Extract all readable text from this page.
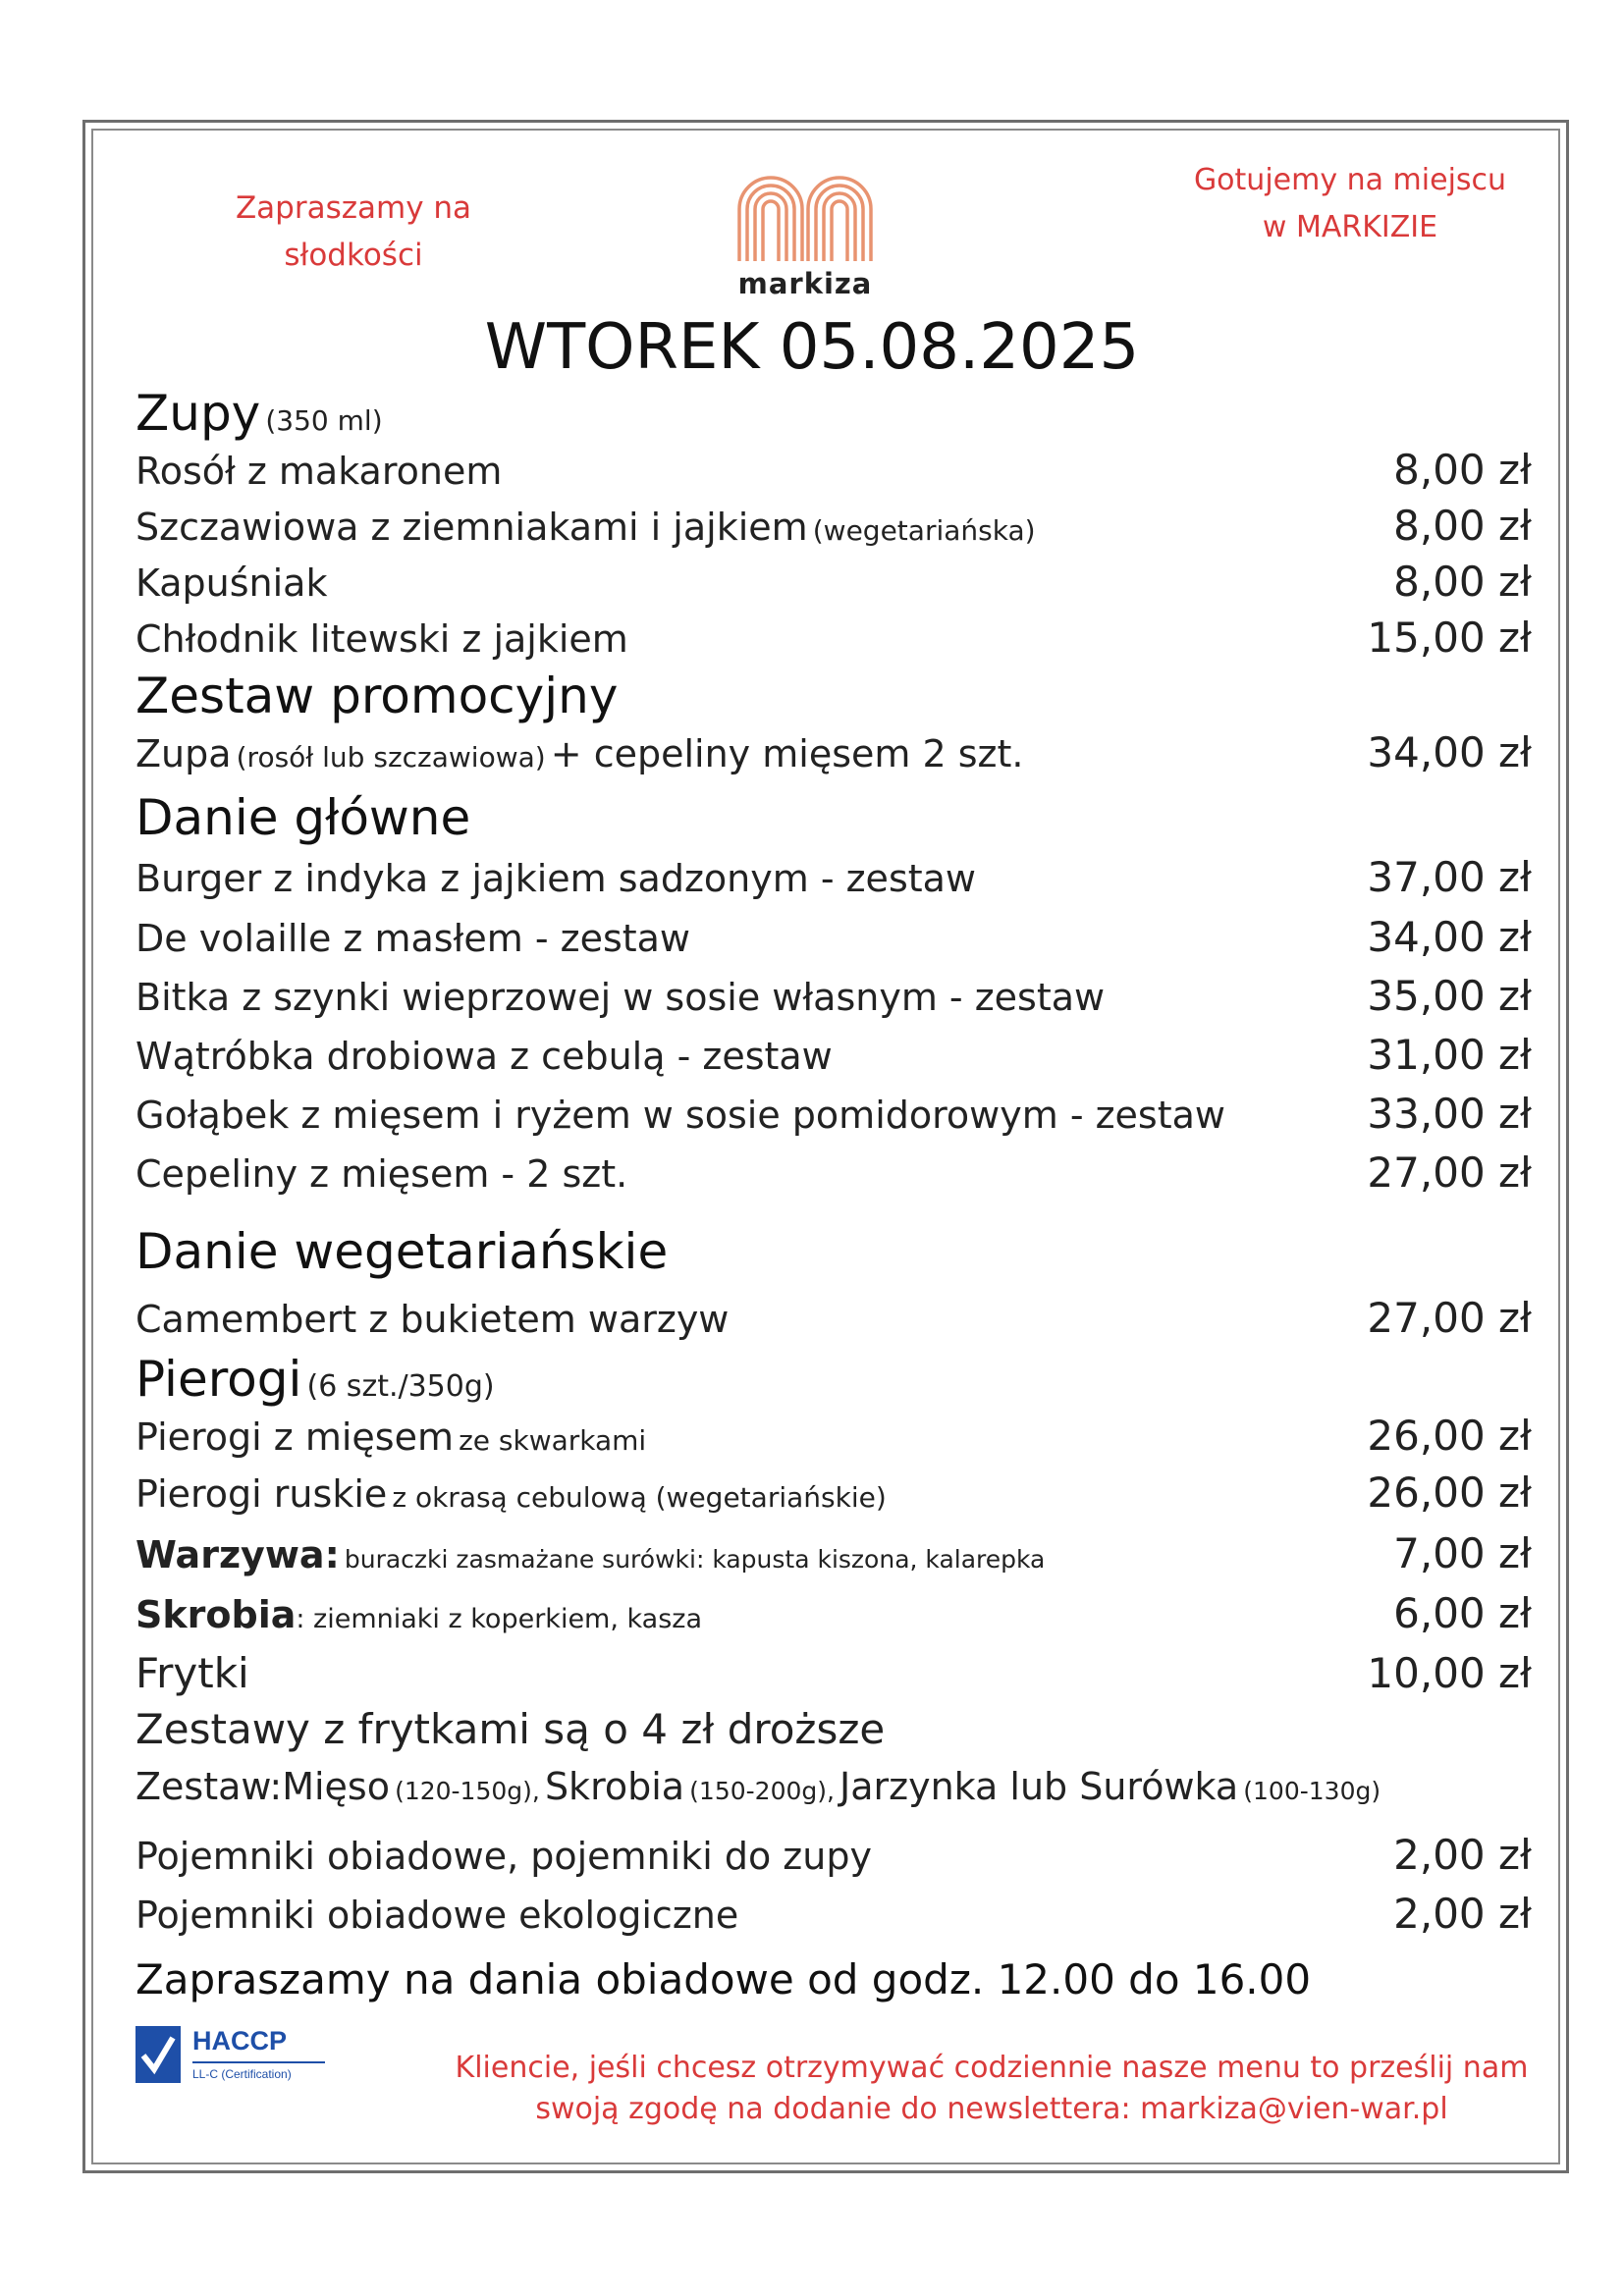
Zapraszamy na
słodkości
Gotujemy na miejscu
w MARKIZIE
markiza
WTOREK 05.08.2025
Zupy (350 ml)
Rosół z makaronem	8,00 zł
Szczawiowa z ziemniakami i jajkiem (wegetariańska)	8,00 zł
Kapuśniak	8,00 zł
Chłodnik litewski z jajkiem	15,00 zł
Zestaw promocyjny
Zupa (rosół lub szczawiowa) + cepeliny mięsem 2 szt.	34,00 zł
Danie główne
Burger z indyka z jajkiem sadzonym - zestaw	37,00 zł
De volaille z masłem - zestaw	34,00 zł
Bitka z szynki wieprzowej w sosie własnym - zestaw	35,00 zł
Wątróbka drobiowa z cebulą - zestaw	31,00 zł
Gołąbek z mięsem i ryżem w sosie pomidorowym - zestaw	33,00 zł
Cepeliny z mięsem - 2 szt.	27,00 zł
Danie wegetariańskie
Camembert z bukietem warzyw	27,00 zł
Pierogi (6 szt./350g)
Pierogi z mięsem ze skwarkami	26,00 zł
Pierogi ruskie z okrasą cebulową (wegetariańskie)	26,00 zł
Warzywa: buraczki zasmażane surówki: kapusta kiszona, kalarepka	7,00 zł
Skrobia: ziemniaki z koperkiem, kasza	6,00 zł
Frytki	10,00 zł
Zestawy z frytkami są o 4 zł droższe
Zestaw:Mięso (120-150g), Skrobia (150-200g), Jarzynka lub Surówka (100-130g)
Pojemniki obiadowe, pojemniki do zupy	2,00 zł
Pojemniki obiadowe ekologiczne	2,00 zł
Zapraszamy na dania obiadowe od godz. 12.00 do 16.00
HACCP
LL-C (Certification)	Kliencie, jeśli chcesz otrzymywać codziennie nasze menu to prześlij nam
swoją zgodę na dodanie do newslettera: markiza@vien-war.pl
